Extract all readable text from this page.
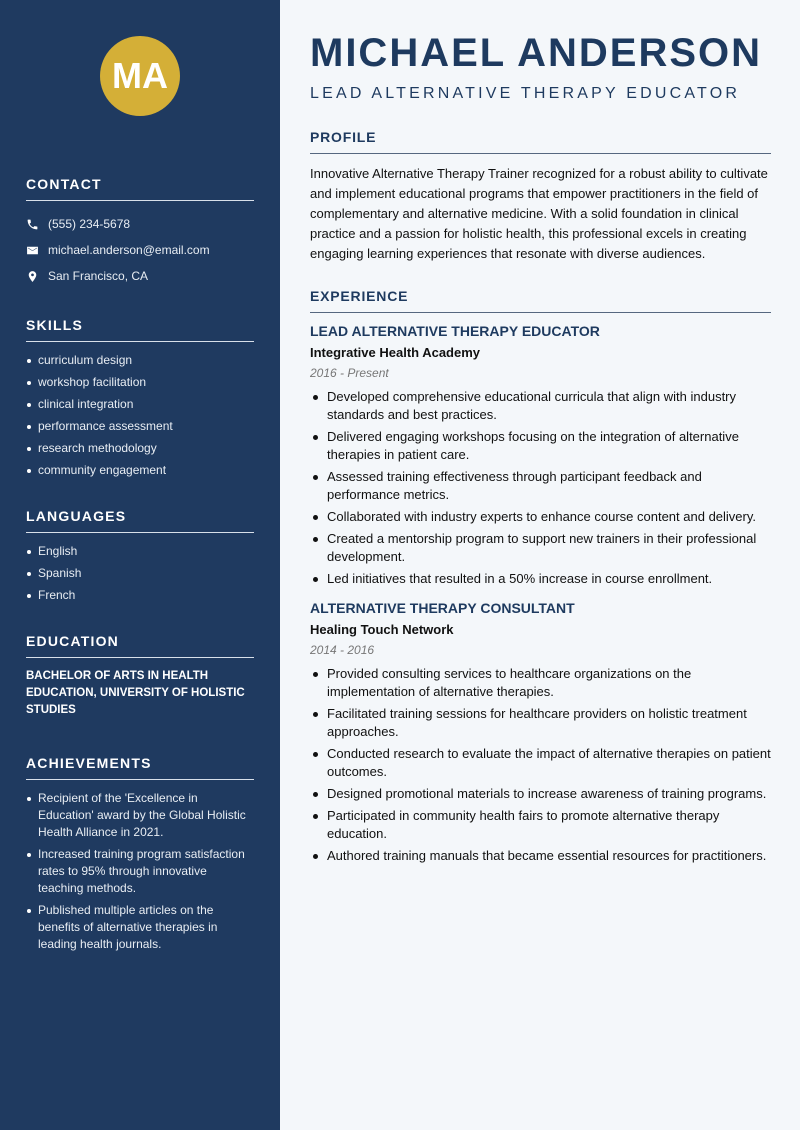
MA
CONTACT
(555) 234-5678
michael.anderson@email.com
San Francisco, CA
SKILLS
curriculum design
workshop facilitation
clinical integration
performance assessment
research methodology
community engagement
LANGUAGES
English
Spanish
French
EDUCATION
BACHELOR OF ARTS IN HEALTH EDUCATION, UNIVERSITY OF HOLISTIC STUDIES
ACHIEVEMENTS
Recipient of the 'Excellence in Education' award by the Global Holistic Health Alliance in 2021.
Increased training program satisfaction rates to 95% through innovative teaching methods.
Published multiple articles on the benefits of alternative therapies in leading health journals.
MICHAEL ANDERSON
LEAD ALTERNATIVE THERAPY EDUCATOR
PROFILE

Innovative Alternative Therapy Trainer recognized for a robust ability to cultivate and implement educational programs that empower practitioners in the field of complementary and alternative medicine. With a solid foundation in clinical practice and a passion for holistic health, this professional excels in creating engaging learning experiences that resonate with diverse audiences.

EXPERIENCE
LEAD ALTERNATIVE THERAPY EDUCATOR
Integrative Health Academy
2016 - Present
Developed comprehensive educational curricula that align with industry standards and best practices.
Delivered engaging workshops focusing on the integration of alternative therapies in patient care.
Assessed training effectiveness through participant feedback and performance metrics.
Collaborated with industry experts to enhance course content and delivery.
Created a mentorship program to support new trainers in their professional development.
Led initiatives that resulted in a 50% increase in course enrollment.
ALTERNATIVE THERAPY CONSULTANT
Healing Touch Network
2014 - 2016
Provided consulting services to healthcare organizations on the implementation of alternative therapies.
Facilitated training sessions for healthcare providers on holistic treatment approaches.
Conducted research to evaluate the impact of alternative therapies on patient outcomes.
Designed promotional materials to increase awareness of training programs.
Participated in community health fairs to promote alternative therapy education.
Authored training manuals that became essential resources for practitioners.
